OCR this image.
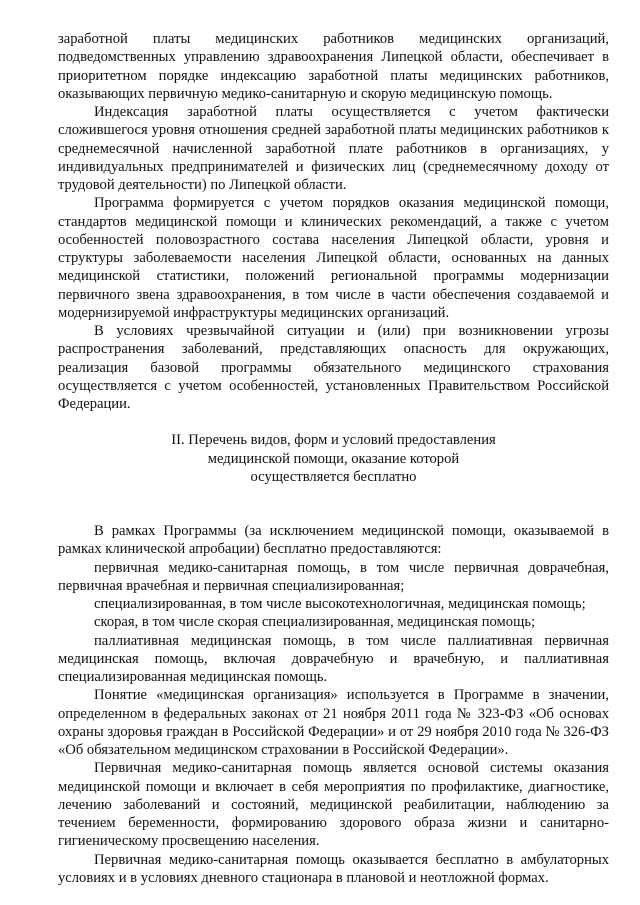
заработной платы медицинских работников медицинских организаций, подведомственных управлению здравоохранения Липецкой области, обеспечивает в приоритетном порядке индексацию заработной платы медицинских работников, оказывающих первичную медико-санитарную и скорую медицинскую помощь.

Индексация заработной платы осуществляется с учетом фактически сложившегося уровня отношения средней заработной платы медицинских работников к среднемесячной начисленной заработной плате работников в организациях, у индивидуальных предпринимателей и физических лиц (среднемесячному доходу от трудовой деятельности) по Липецкой области.

Программа формируется с учетом порядков оказания медицинской помощи, стандартов медицинской помощи и клинических рекомендаций, а также с учетом особенностей половозрастного состава населения Липецкой области, уровня и структуры заболеваемости населения Липецкой области, основанных на данных медицинской статистики, положений региональной программы модернизации первичного звена здравоохранения, в том числе в части обеспечения создаваемой и модернизируемой инфраструктуры медицинских организаций.

В условиях чрезвычайной ситуации и (или) при возникновении угрозы распространения заболеваний, представляющих опасность для окружающих, реализация базовой программы обязательного медицинского страхования осуществляется с учетом особенностей, установленных Правительством Российской Федерации.

II. Перечень видов, форм и условий предоставления
медицинской помощи, оказание которой
осуществляется бесплатно

В рамках Программы (за исключением медицинской помощи, оказываемой в рамках клинической апробации) бесплатно предоставляются:

первичная медико-санитарная помощь, в том числе первичная доврачебная, первичная врачебная и первичная специализированная;

специализированная, в том числе высокотехнологичная, медицинская помощь;

скорая, в том числе скорая специализированная, медицинская помощь;

паллиативная медицинская помощь, в том числе паллиативная первичная медицинская помощь, включая доврачебную и врачебную, и паллиативная специализированная медицинская помощь.

Понятие «медицинская организация» используется в Программе в значении, определенном в федеральных законах от 21 ноября 2011 года № 323-ФЗ «Об основах охраны здоровья граждан в Российской Федерации» и от 29 ноября 2010 года № 326-ФЗ «Об обязательном медицинском страховании в Российской Федерации».

Первичная медико-санитарная помощь является основой системы оказания медицинской помощи и включает в себя мероприятия по профилактике, диагностике, лечению заболеваний и состояний, медицинской реабилитации, наблюдению за течением беременности, формированию здорового образа жизни и санитарно-гигиеническому просвещению населения.

Первичная медико-санитарная помощь оказывается бесплатно в амбулаторных условиях и в условиях дневного стационара в плановой и неотложной формах.
